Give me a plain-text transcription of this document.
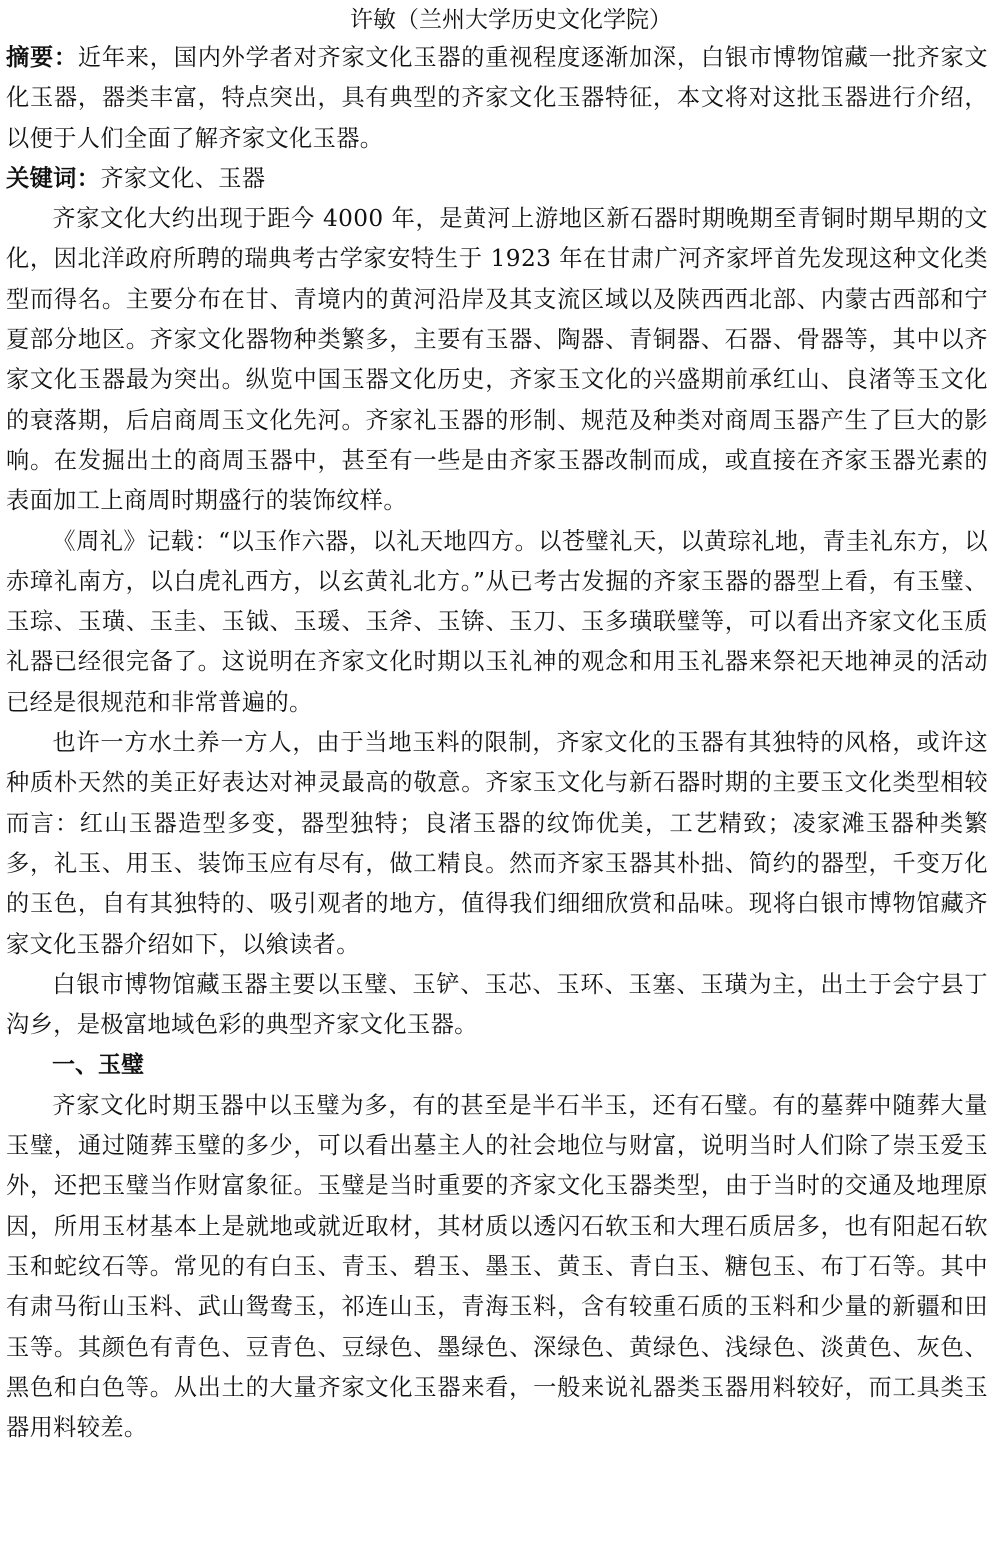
许敏（兰州大学历史文化学院）

摘要：近年来，国内外学者对齐家文化玉器的重视程度逐渐加深，白银市博物馆藏一批齐家文化玉器，器类丰富，特点突出，具有典型的齐家文化玉器特征，本文将对这批玉器进行介绍，以便于人们全面了解齐家文化玉器。

关键词：齐家文化、玉器

齐家文化大约出现于距今 4000 年，是黄河上游地区新石器时期晚期至青铜时期早期的文化，因北洋政府所聘的瑞典考古学家安特生于 1923 年在甘肃广河齐家坪首先发现这种文化类型而得名。主要分布在甘、青境内的黄河沿岸及其支流区域以及陕西西北部、内蒙古西部和宁夏部分地区。齐家文化器物种类繁多，主要有玉器、陶器、青铜器、石器、骨器等，其中以齐家文化玉器最为突出。纵览中国玉器文化历史，齐家玉文化的兴盛期前承红山、良渚等玉文化的衰落期，后启商周玉文化先河。齐家礼玉器的形制、规范及种类对商周玉器产生了巨大的影响。在发掘出土的商周玉器中，甚至有一些是由齐家玉器改制而成，或直接在齐家玉器光素的表面加工上商周时期盛行的装饰纹样。

《周礼》记载：“以玉作六器，以礼天地四方。以苍璧礼天，以黄琮礼地，青圭礼东方，以赤璋礼南方，以白虎礼西方，以玄黄礼北方。”从已考古发掘的齐家玉器的器型上看，有玉璧、玉琮、玉璜、玉圭、玉钺、玉瑗、玉斧、玉锛、玉刀、玉多璜联璧等，可以看出齐家文化玉质礼器已经很完备了。这说明在齐家文化时期以玉礼神的观念和用玉礼器来祭祀天地神灵的活动已经是很规范和非常普遍的。

也许一方水土养一方人，由于当地玉料的限制，齐家文化的玉器有其独特的风格，或许这种质朴天然的美正好表达对神灵最高的敬意。齐家玉文化与新石器时期的主要玉文化类型相较而言：红山玉器造型多变，器型独特；良渚玉器的纹饰优美，工艺精致；凌家滩玉器种类繁多，礼玉、用玉、装饰玉应有尽有，做工精良。然而齐家玉器其朴拙、简约的器型，千变万化的玉色，自有其独特的、吸引观者的地方，值得我们细细欣赏和品味。现将白银市博物馆藏齐家文化玉器介绍如下，以飨读者。

白银市博物馆藏玉器主要以玉璧、玉铲、玉芯、玉环、玉塞、玉璜为主，出土于会宁县丁沟乡，是极富地域色彩的典型齐家文化玉器。

一、玉璧

齐家文化时期玉器中以玉璧为多，有的甚至是半石半玉，还有石璧。有的墓葬中随葬大量玉璧，通过随葬玉璧的多少，可以看出墓主人的社会地位与财富，说明当时人们除了崇玉爱玉外，还把玉璧当作财富象征。玉璧是当时重要的齐家文化玉器类型，由于当时的交通及地理原因，所用玉材基本上是就地或就近取材，其材质以透闪石软玉和大理石质居多，也有阳起石软玉和蛇纹石等。常见的有白玉、青玉、碧玉、墨玉、黄玉、青白玉、糖包玉、布丁石等。其中有肃马衔山玉料、武山鸳鸯玉，祁连山玉，青海玉料，含有较重石质的玉料和少量的新疆和田玉等。其颜色有青色、豆青色、豆绿色、墨绿色、深绿色、黄绿色、浅绿色、淡黄色、灰色、黑色和白色等。从出土的大量齐家文化玉器来看，一般来说礼器类玉器用料较好，而工具类玉器用料较差。
